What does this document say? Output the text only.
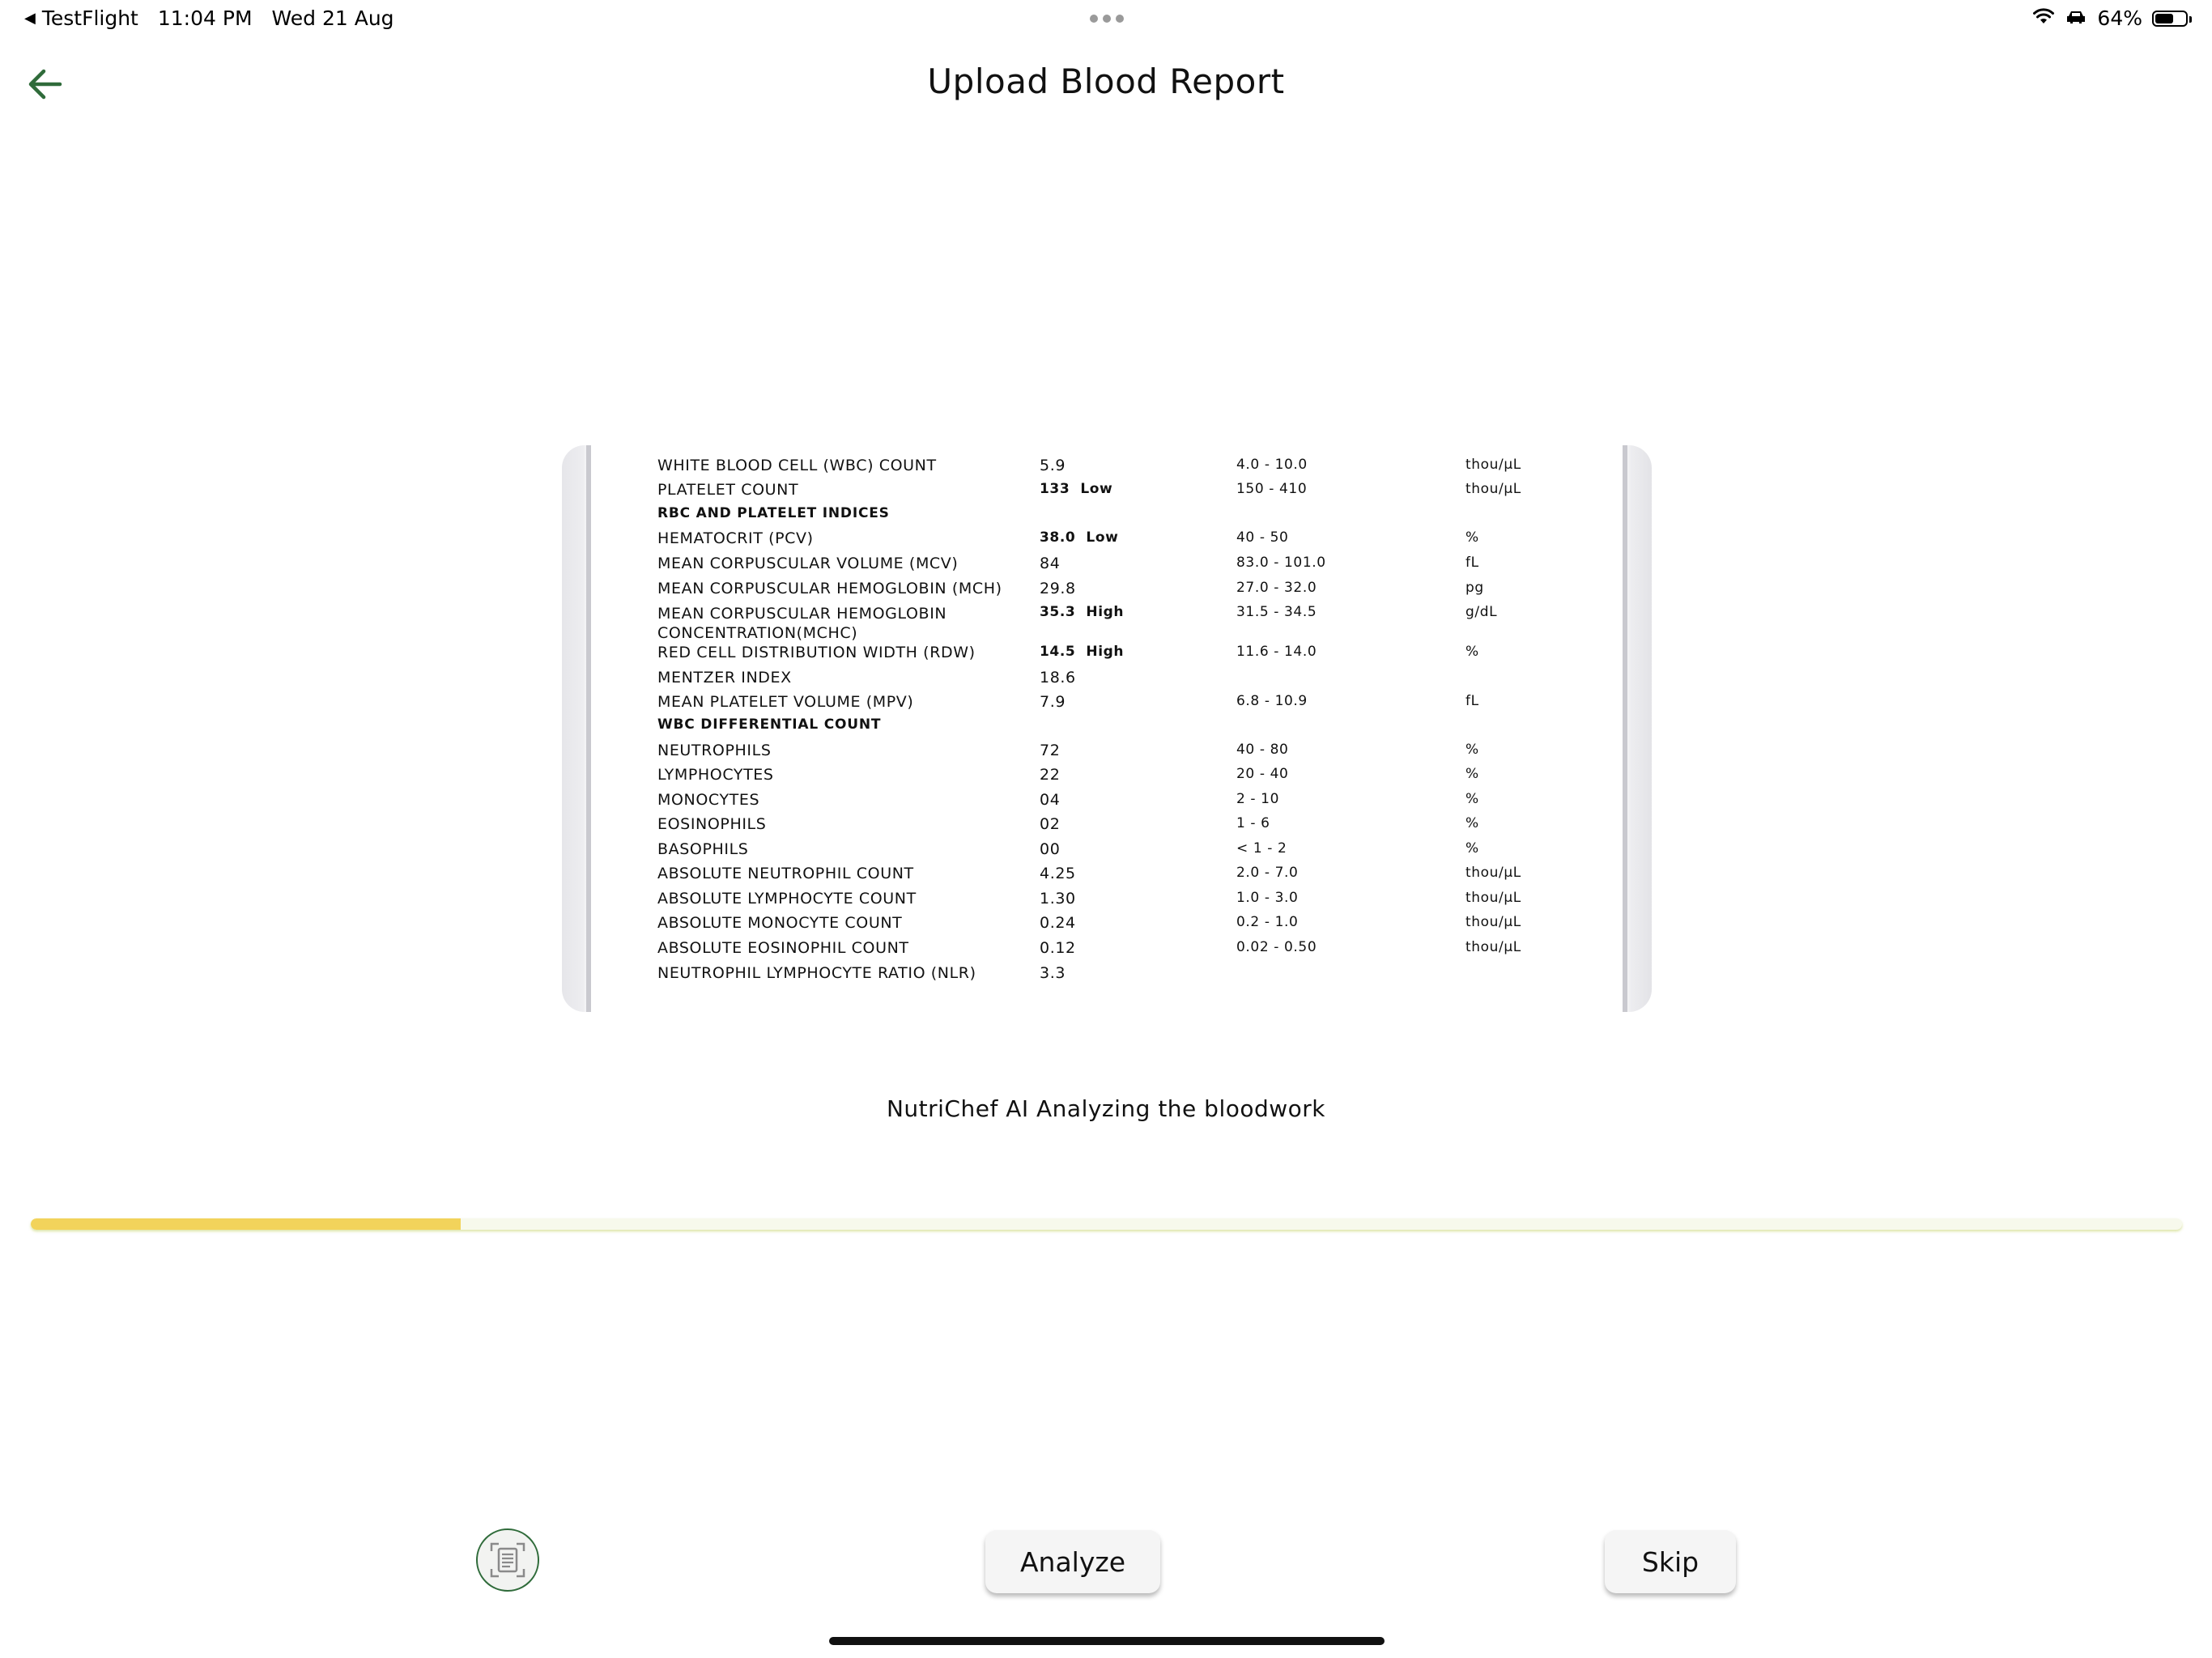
◀ TestFlight 11:04 PM Wed 21 Aug	64%
Upload Blood Report
WHITE BLOOD CELL (WBC) COUNT	5.9	4.0 - 10.0	thou/μL
PLATELET COUNT	133  Low	150 - 410	thou/μL
RBC AND PLATELET INDICES
HEMATOCRIT (PCV)	38.0  Low	40 - 50	%
MEAN CORPUSCULAR VOLUME (MCV)	84	83.0 - 101.0	fL
MEAN CORPUSCULAR HEMOGLOBIN (MCH) 29.8	27.0 - 32.0	pg
MEAN CORPUSCULAR HEMOGLOBIN
CONCENTRATION(MCHC)
35.3  High	31.5 - 34.5	g/dL
RED CELL DISTRIBUTION WIDTH (RDW)	14.5  High	11.6 - 14.0	%
MENTZER INDEX	18.6
MEAN PLATELET VOLUME (MPV)	7.9	6.8 - 10.9	fL
WBC DIFFERENTIAL COUNT
NEUTROPHILS	72	40 - 80	%
LYMPHOCYTES	22	20 - 40	%
MONOCYTES	04	2 - 10	%
EOSINOPHILS	02	1 - 6	%
BASOPHILS	00	< 1 - 2	%
ABSOLUTE NEUTROPHIL COUNT	4.25	2.0 - 7.0	thou/μL
ABSOLUTE LYMPHOCYTE COUNT	1.30	1.0 - 3.0	thou/μL
ABSOLUTE MONOCYTE COUNT	0.24	0.2 - 1.0	thou/μL
ABSOLUTE EOSINOPHIL COUNT	0.12	0.02 - 0.50	thou/μL
NEUTROPHIL LYMPHOCYTE RATIO (NLR)	3.3
NutriChef AI Analyzing the bloodwork
Analyze	Skip
